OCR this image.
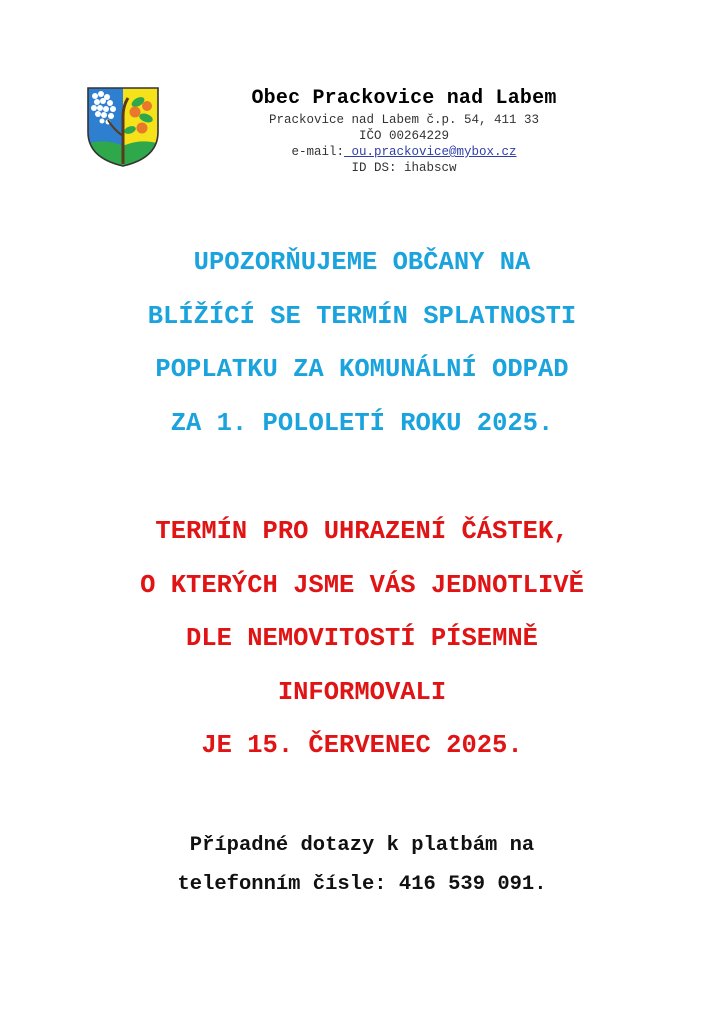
Obec Prackovice nad Labem
Prackovice nad Labem č.p. 54, 411 33
IČO 00264229
e-mail: ou.prackovice@mybox.cz
ID DS: ihabscw
UPOZORŇUJEME OBČANY NA
BLÍŽÍCÍ SE TERMÍN SPLATNOSTI
POPLATKU ZA KOMUNÁLNÍ ODPAD
ZA 1. POLOLETÍ ROKU 2025.
TERMÍN PRO UHRAZENÍ ČÁSTEK,
O KTERÝCH JSME VÁS JEDNOTLIVĚ
DLE NEMOVITOSTÍ PÍSEMNĚ
INFORMOVALI
JE 15. ČERVENEC 2025.
Případné dotazy k platbám na
telefonním čísle: 416 539 091.
